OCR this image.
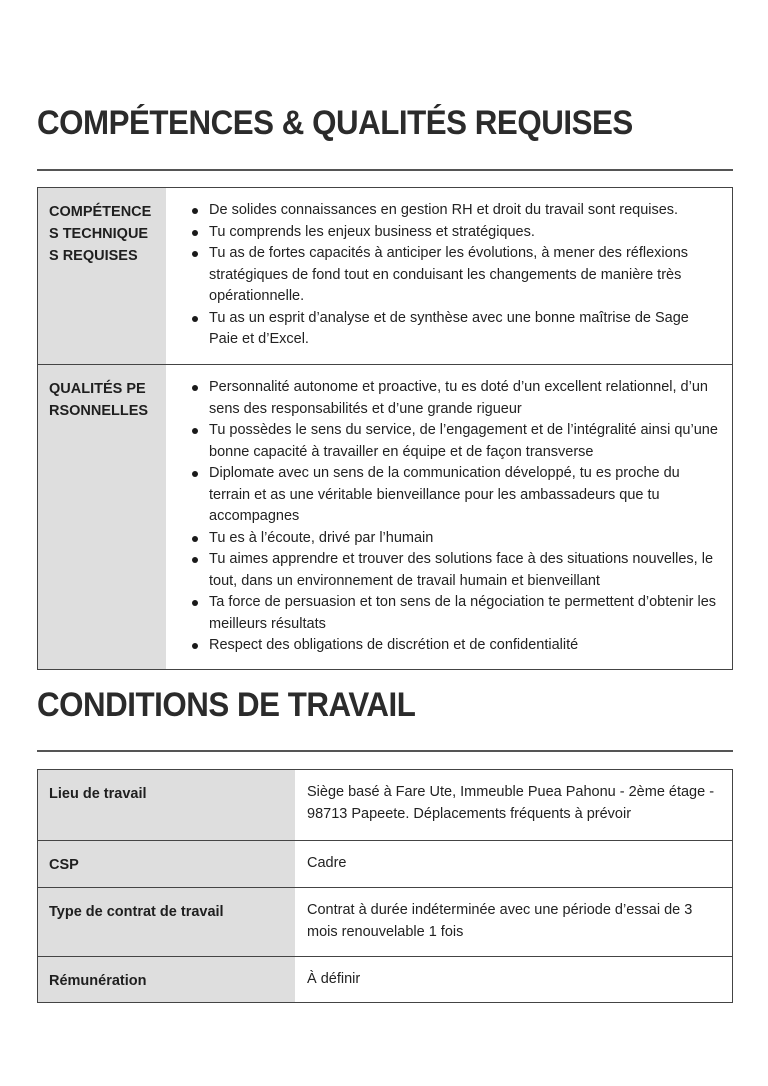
COMPÉTENCES & QUALITÉS REQUISES
COMPÉTENCES TECHNIQUES REQUISES
De solides connaissances en gestion RH et droit du travail sont requises.
Tu comprends les enjeux business et stratégiques.
Tu as de fortes capacités à anticiper les évolutions, à mener des réflexions stratégiques de fond tout en conduisant les changements de manière très opérationnelle.
Tu as un esprit d’analyse et de synthèse avec une bonne maîtrise de Sage Paie et d’Excel.
QUALITÉS PERSONNELLES
Personnalité autonome et proactive, tu es doté d’un excellent relationnel, d’un sens des responsabilités et d’une grande rigueur
Tu possèdes le sens du service, de l’engagement et de l’intégralité ainsi qu’une bonne capacité à travailler en équipe et de façon transverse
Diplomate avec un sens de la communication développé, tu es proche du terrain et as une véritable bienveillance pour les ambassadeurs que tu accompagnes
Tu es à l’écoute, drivé par l’humain
Tu aimes apprendre et trouver des solutions face à des situations nouvelles, le tout, dans un environnement de travail humain et bienveillant
Ta force de persuasion et ton sens de la négociation te permettent d’obtenir les meilleurs résultats
Respect des obligations de discrétion et de confidentialité
CONDITIONS DE TRAVAIL
Lieu de travail	Siège basé à Fare Ute, Immeuble Puea Pahonu - 2ème étage - 98713 Papeete. Déplacements fréquents à prévoir
CSP	Cadre
Type de contrat de travail	Contrat à durée indéterminée avec une période d’essai de 3 mois renouvelable 1 fois
Rémunération	À définir
